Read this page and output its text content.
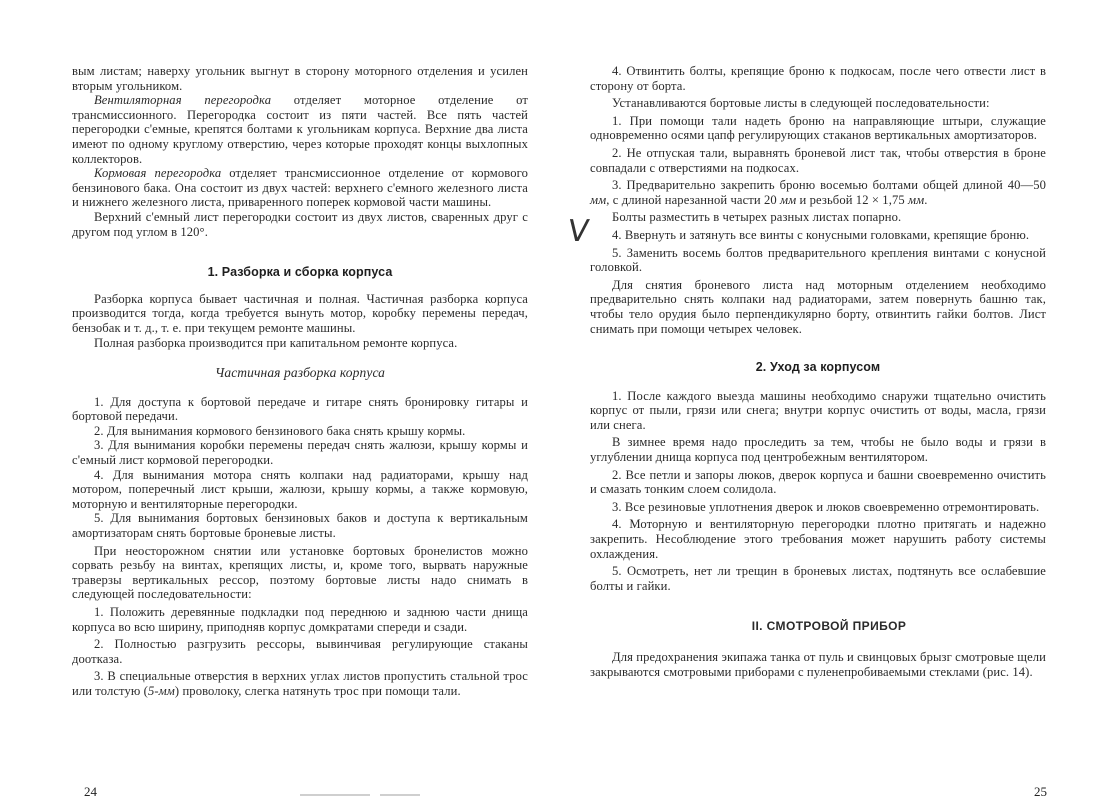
вым листам; наверху угольник выгнут в сторону моторного отделения и усилен вторым угольником.

Вентиляторная перегородка отделяет моторное отделение от трансмиссионного. Перегородка состоит из пяти частей. Все пять частей перегородки с'емные, крепятся болтами к угольникам корпуса. Верхние два листа имеют по одному круглому отверстию, через которые проходят концы выхлопных коллекторов.

Кормовая перегородка отделяет трансмиссионное отделение от кормового бензинового бака. Она состоит из двух частей: верхнего с'емного железного листа и нижнего железного листа, приваренного поперек кормовой части машины.

Верхний с'емный лист перегородки состоит из двух листов, сваренных друг с другом под углом в 120°.

1. Разборка и сборка корпуса

Разборка корпуса бывает частичная и полная. Частичная разборка корпуса производится тогда, когда требуется вынуть мотор, коробку перемены передач, бензобак и т. д., т. е. при текущем ремонте машины.

Полная разборка производится при капитальном ремонте корпуса.

Частичная разборка корпуса

1. Для доступа к бортовой передаче и гитаре снять бронировку гитары и бортовой передачи.

2. Для вынимания кормового бензинового бака снять крышу кормы.

3. Для вынимания коробки перемены передач снять жалюзи, крышу кормы и с'емный лист кормовой перегородки.

4. Для вынимания мотора снять колпаки над радиаторами, крышу над мотором, поперечный лист крыши, жалюзи, крышу кормы, а также кормовую, моторную и вентиляторные перегородки.

5. Для вынимания бортовых бензиновых баков и доступа к вертикальным амортизаторам снять бортовые броневые листы.

При неосторожном снятии или установке бортовых бронелистов можно сорвать резьбу на винтах, крепящих листы, и, кроме того, вырвать наружные траверзы вертикальных рессор, поэтому бортовые листы надо снимать в следующей последовательности:

1. Положить деревянные подкладки под переднюю и заднюю части днища корпуса во всю ширину, приподняв корпус домкратами спереди и сзади.

2. Полностью разгрузить рессоры, вывинчивая регулирующие стаканы доотказа.

3. В специальные отверстия в верхних углах листов пропустить стальной трос или толстую (5-мм) проволоку, слегка натянуть трос при помощи тали.

24

4. Отвинтить болты, крепящие броню к подкосам, после чего отвести лист в сторону от борта.

Устанавливаются бортовые листы в следующей последовательности:

1. При помощи тали надеть броню на направляющие штыри, служащие одновременно осями цапф регулирующих стаканов вертикальных амортизаторов.

2. Не отпуская тали, выравнять броневой лист так, чтобы отверстия в броне совпадали с отверстиями на подкосах.

3. Предварительно закрепить броню восемью болтами общей длиной 40—50 мм, с длиной нарезанной части 20 мм и резьбой 12 × 1,75 мм.

Болты разместить в четырех разных листах попарно.

4. Ввернуть и затянуть все винты с конусными головками, крепящие броню.

5. Заменить восемь болтов предварительного крепления винтами с конусной головкой.

Для снятия броневого листа над моторным отделением необходимо предварительно снять колпаки над радиаторами, затем повернуть башню так, чтобы тело орудия было перпендикулярно борту, отвинтить гайки болтов. Лист снимать при помощи четырех человек.

2. Уход за корпусом

1. После каждого выезда машины необходимо снаружи тщательно очистить корпус от пыли, грязи или снега; внутри корпус очистить от воды, масла, грязи или снега.

В зимнее время надо проследить за тем, чтобы не было воды и грязи в углублении днища корпуса под центробежным вентилятором.

2. Все петли и запоры люков, дверок корпуса и башни своевременно очистить и смазать тонким слоем солидола.

3. Все резиновые уплотнения дверок и люков своевременно отремонтировать.

4. Моторную и вентиляторную перегородки плотно притягать и надежно закрепить. Несоблюдение этого требования может нарушить работу системы охлаждения.

5. Осмотреть, нет ли трещин в броневых листах, подтянуть все ослабевшие болты и гайки.

II. СМОТРОВОЙ ПРИБОР

Для предохранения экипажа танка от пуль и свинцовых брызг смотровые щели закрываются смотровыми приборами с пуленепробиваемыми стеклами (рис. 14).

25
V
